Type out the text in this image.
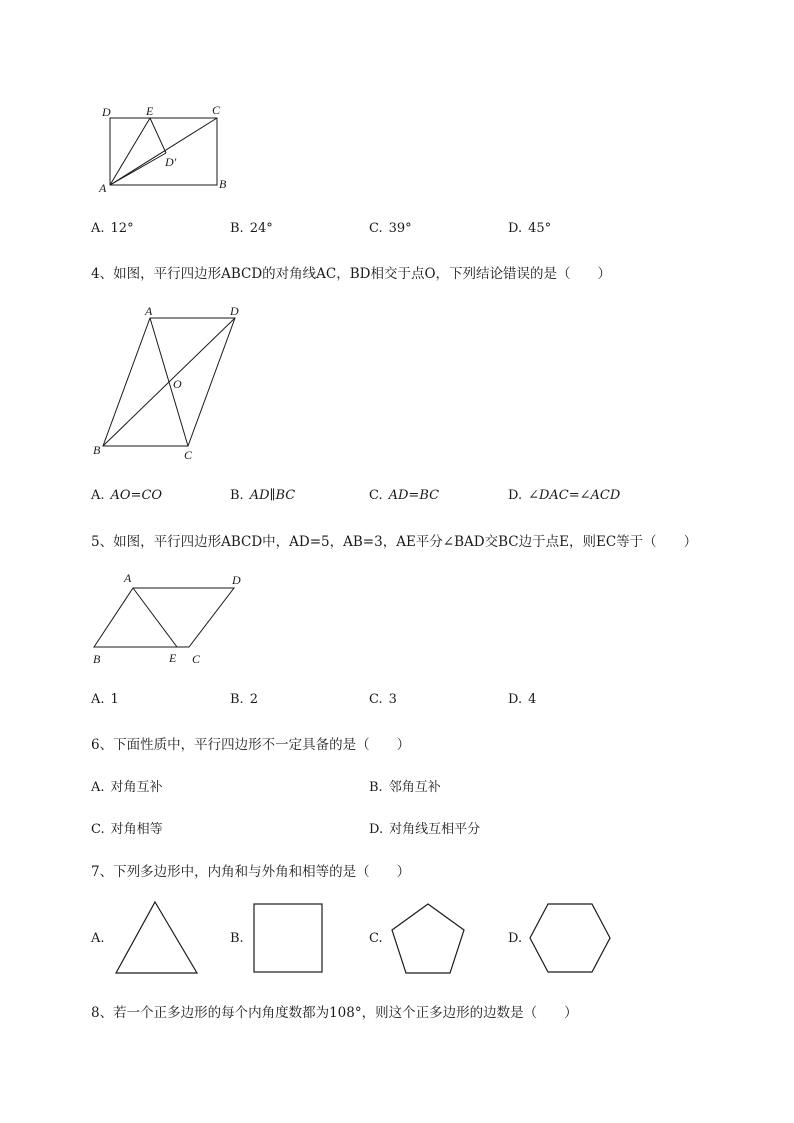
D	E	C
D′
A	B
A. 12°	B. 24°	C. 39°	D. 45°
4、如图，平行四边形ABCD的对角线AC，BD相交于点O，下列结论错误的是（　　）
A	D
O
B	C
A. AO=CO	B. AD∥BC	C. AD=BC	D. ∠DAC=∠ACD
5、如图，平行四边形ABCD中，AD=5，AB=3，AE平分∠BAD交BC边于点E，则EC等于（　　）
A	D
B	E C
A. 1	B. 2	C. 3	D. 4
6、下面性质中，平行四边形不一定具备的是（　　）
A. 对角互补	B. 邻角互补
C. 对角相等	D. 对角线互相平分
7、下列多边形中，内角和与外角和相等的是（　　）
A.	B.	C.	D.
8、若一个正多边形的每个内角度数都为108°，则这个正多边形的边数是（　　）
